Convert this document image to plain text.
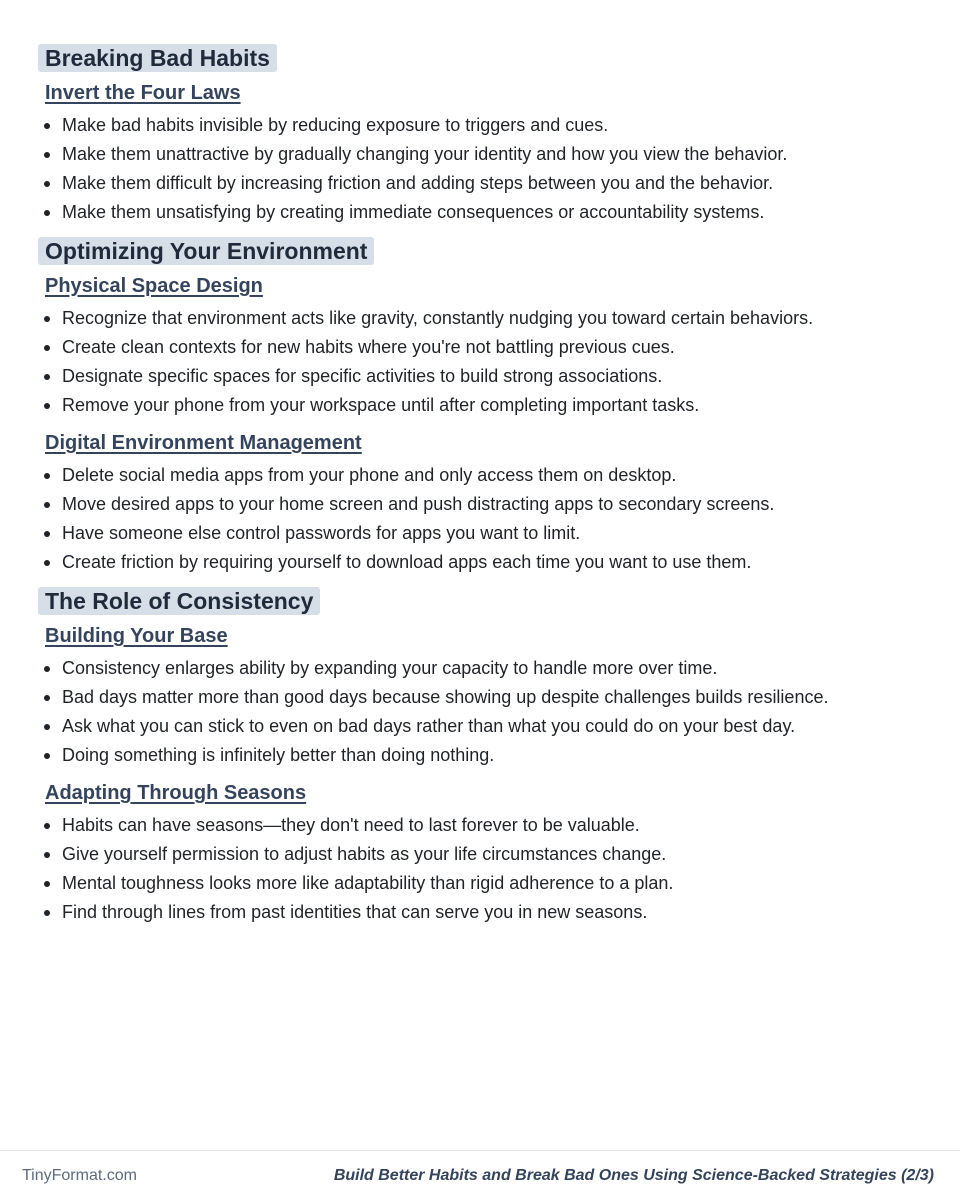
Breaking Bad Habits
Invert the Four Laws
Make bad habits invisible by reducing exposure to triggers and cues.
Make them unattractive by gradually changing your identity and how you view the behavior.
Make them difficult by increasing friction and adding steps between you and the behavior.
Make them unsatisfying by creating immediate consequences or accountability systems.
Optimizing Your Environment
Physical Space Design
Recognize that environment acts like gravity, constantly nudging you toward certain behaviors.
Create clean contexts for new habits where you're not battling previous cues.
Designate specific spaces for specific activities to build strong associations.
Remove your phone from your workspace until after completing important tasks.
Digital Environment Management
Delete social media apps from your phone and only access them on desktop.
Move desired apps to your home screen and push distracting apps to secondary screens.
Have someone else control passwords for apps you want to limit.
Create friction by requiring yourself to download apps each time you want to use them.
The Role of Consistency
Building Your Base
Consistency enlarges ability by expanding your capacity to handle more over time.
Bad days matter more than good days because showing up despite challenges builds resilience.
Ask what you can stick to even on bad days rather than what you could do on your best day.
Doing something is infinitely better than doing nothing.
Adapting Through Seasons
Habits can have seasons—they don't need to last forever to be valuable.
Give yourself permission to adjust habits as your life circumstances change.
Mental toughness looks more like adaptability than rigid adherence to a plan.
Find through lines from past identities that can serve you in new seasons.
TinyFormat.com	Build Better Habits and Break Bad Ones Using Science-Backed Strategies (2/3)
